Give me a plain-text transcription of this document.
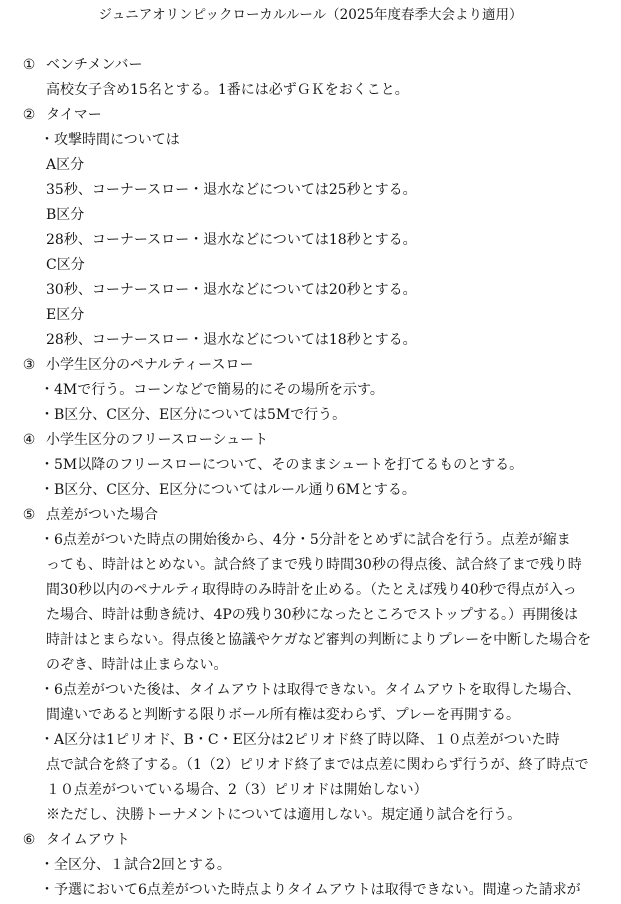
ジュニアオリンピックローカルルール（2025年度春季大会より適用）
① ベンチメンバー
高校女子含め15名とする。1番には必ずＧＫをおくこと。
② タイマー
・攻撃時間については
A区分
35秒、コーナースロー・退水などについては25秒とする。
B区分
28秒、コーナースロー・退水などについては18秒とする。
C区分
30秒、コーナースロー・退水などについては20秒とする。
E区分
28秒、コーナースロー・退水などについては18秒とする。
③ 小学生区分のペナルティースロー
・4Mで行う。コーンなどで簡易的にその場所を示す。
・B区分、C区分、E区分については5Mで行う。
④ 小学生区分のフリースローシュート
・5M以降のフリースローについて、そのままシュートを打てるものとする。
・B区分、C区分、E区分についてはルール通り6Mとする。
⑤ 点差がついた場合
・6点差がついた時点の開始後から、4分・5分計をとめずに試合を行う。点差が縮ま
っても、時計はとめない。試合終了まで残り時間30秒の得点後、試合終了まで残り時
間30秒以内のペナルティ取得時のみ時計を止める。（たとえば残り40秒で得点が入っ
た場合、時計は動き続け、4Pの残り30秒になったところでストップする。）再開後は
時計はとまらない。得点後と協議やケガなど審判の判断によりプレーを中断した場合を
のぞき、時計は止まらない。
・6点差がついた後は、タイムアウトは取得できない。タイムアウトを取得した場合、
間違いであると判断する限りボール所有権は変わらず、プレーを再開する。
・A区分は1ピリオド、B・C・E区分は2ピリオド終了時以降、１０点差がついた時
点で試合を終了する。（1（2）ピリオド終了までは点差に関わらず行うが、終了時点で
１０点差がついている場合、2（3）ピリオドは開始しない）
※ただし、決勝トーナメントについては適用しない。規定通り試合を行う。
⑥ タイムアウト
・全区分、１試合2回とする。
・予選において6点差がついた時点よりタイムアウトは取得できない。間違った請求が
